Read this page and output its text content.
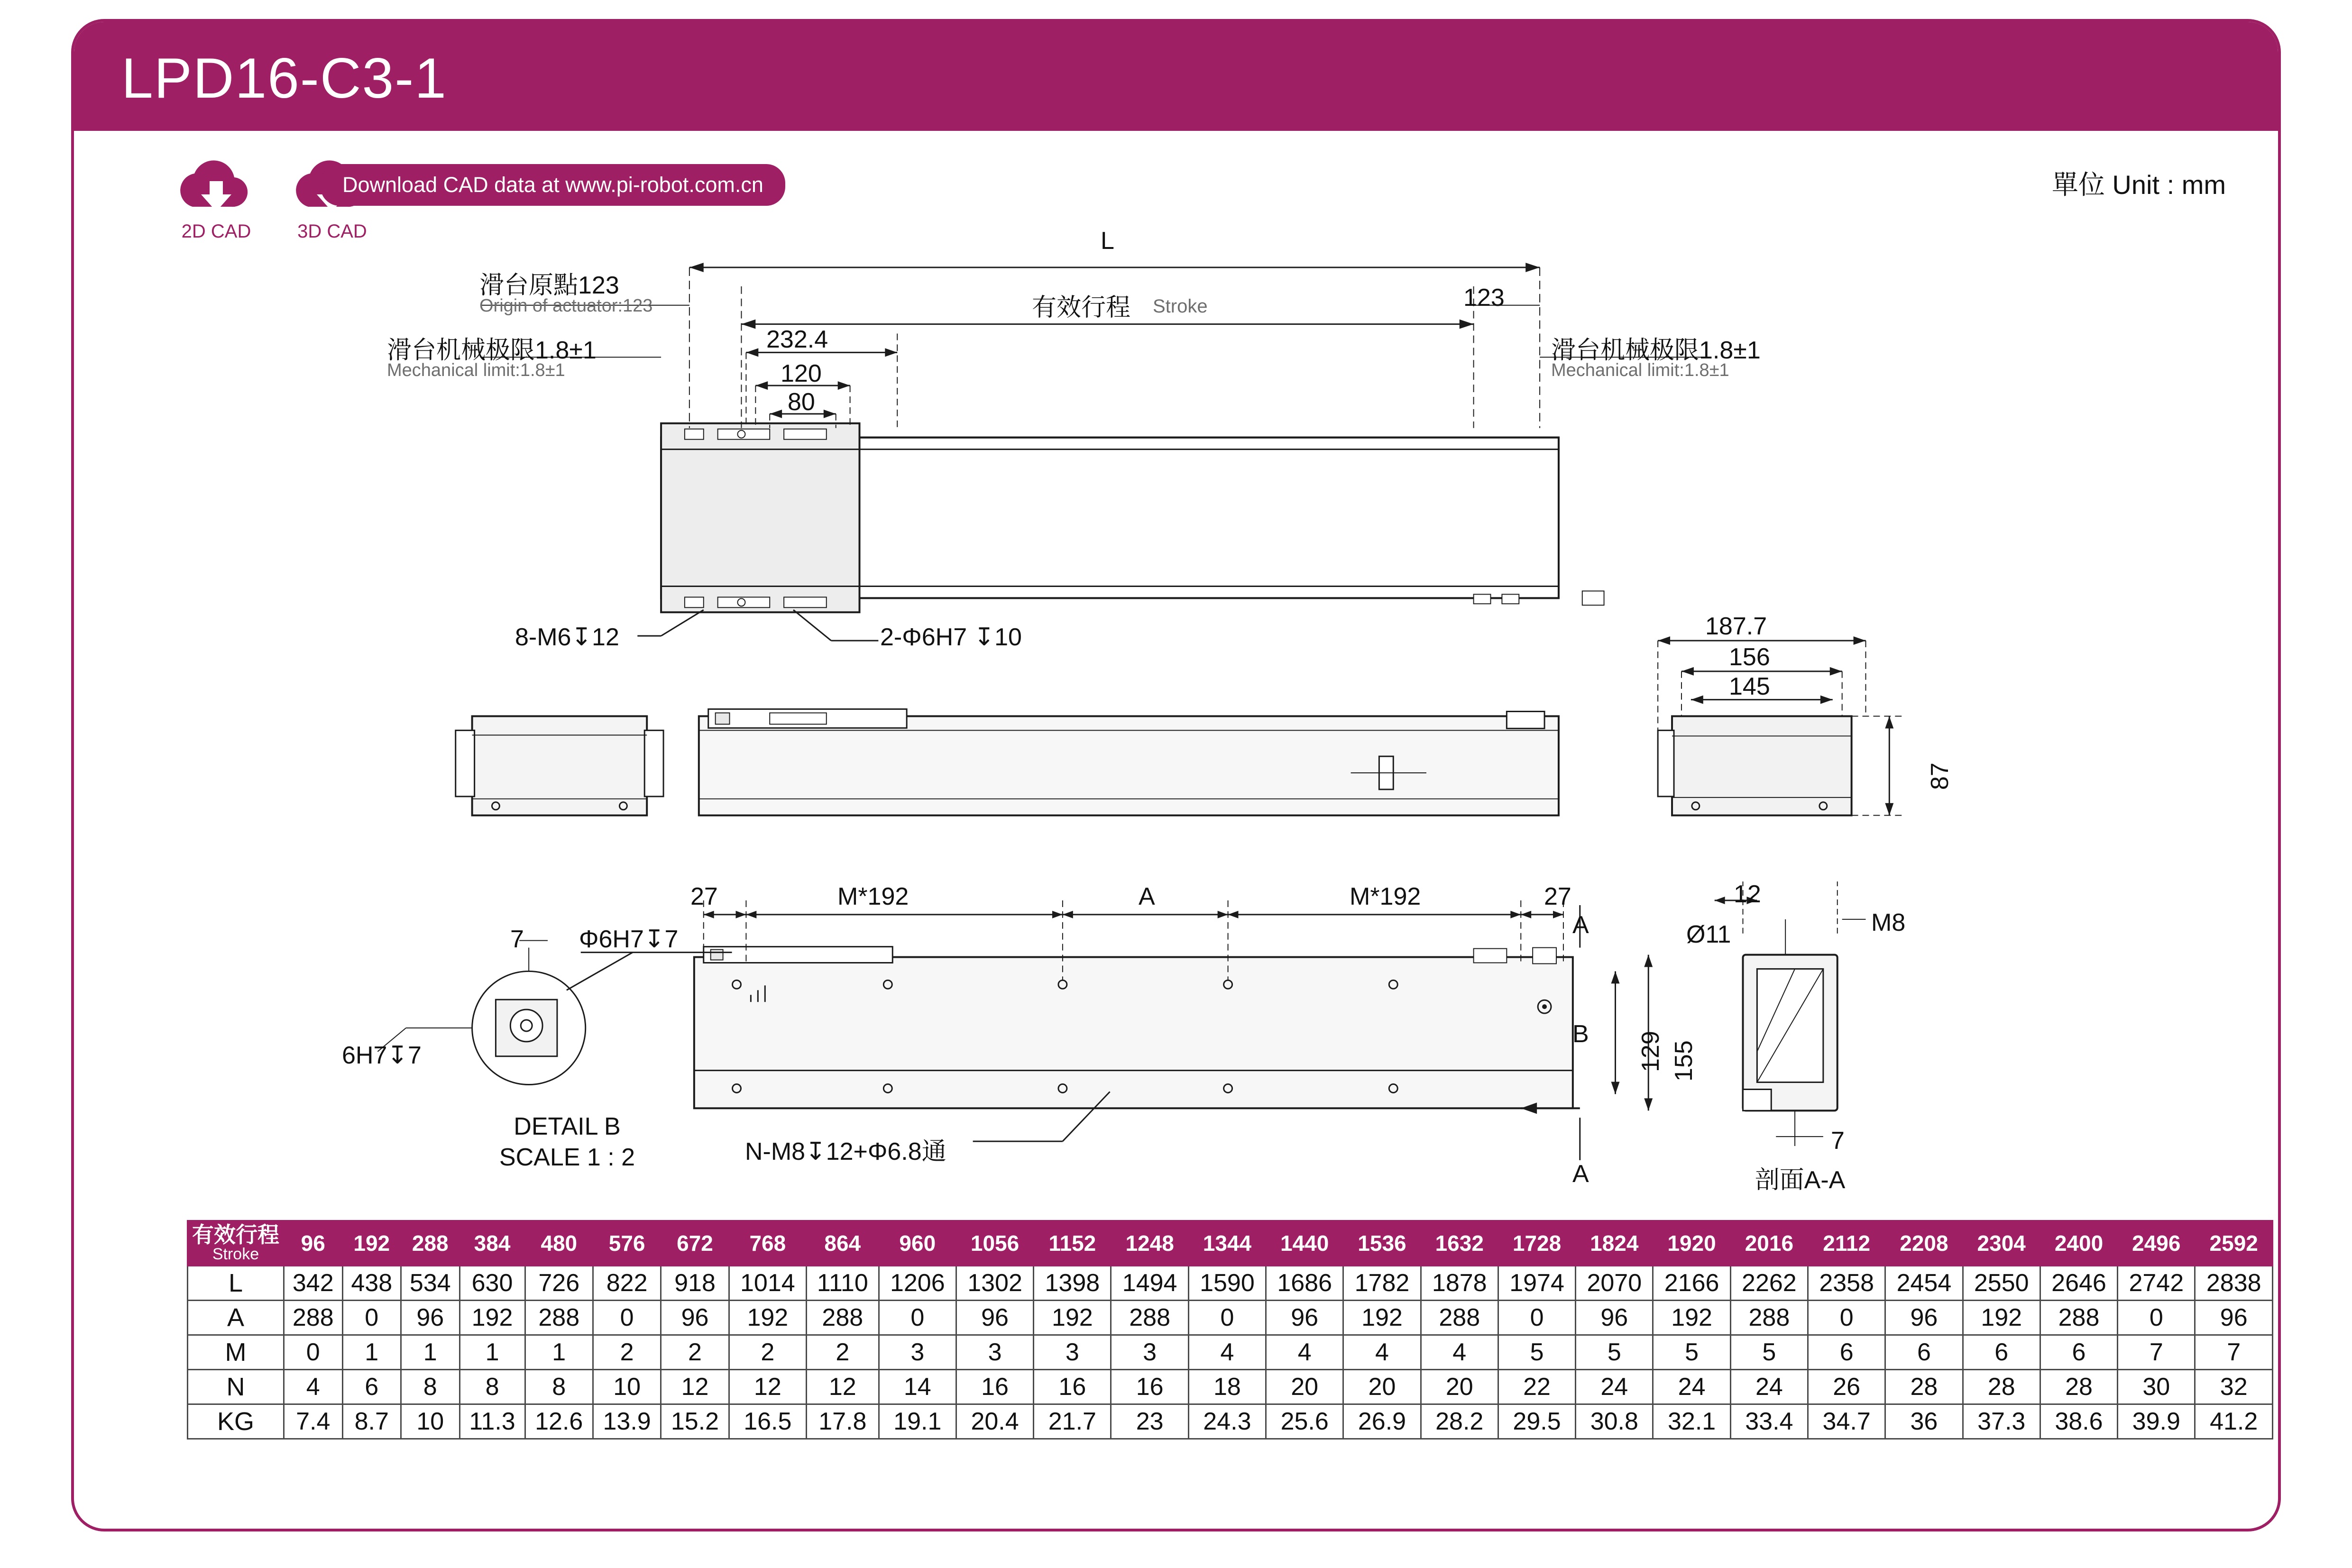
LPD16-C3-1
單位 Unit : mm
2D CAD
	3D CAD
Download CAD data at www.pi-robot.com.cn
L
有效行程 Stroke	123
滑台原點123
Origin of actuator:123
滑台机械极限1.8±1
Mechanical limit:1.8±1
滑台机械极限1.8±1
Mechanical limit:1.8±1
232.4
120
80
8-M6↧12	2-Φ6H7 ↧10	187.7
156
145
87
27	M*192	A	M*192	27
A
A
B 129 155
N-M8↧12+Φ6.8通
7 Φ6H7↧7
6H7↧7
DETAIL B
SCALE 1 : 2
12
Ø11	M8
7
剖面A-A
有效行程
Stroke	96	192	288	384	480	576	672	768	864	960	1056	1152	1248	1344	1440	1536	1632	1728	1824	1920	2016	2112	2208	2304	2400	2496	2592
L	342	438	534	630	726	822	918	1014	1110	1206	1302	1398	1494	1590	1686	1782	1878	1974	2070	2166	2262	2358	2454	2550	2646	2742	2838
A	288	0	96	192	288	0	96	192	288	0	96	192	288	0	96	192	288	0	96	192	288	0	96	192	288	0	96
M	0	1	1	1	1	2	2	2	2	3	3	3	3	4	4	4	4	5	5	5	5	6	6	6	6	7	7
N	4	6	8	8	8	10	12	12	12	14	16	16	16	18	20	20	20	22	24	24	24	26	28	28	28	30	32
KG	7.4	8.7	10	11.3	12.6	13.9	15.2	16.5	17.8	19.1	20.4	21.7	23	24.3	25.6	26.9	28.2	29.5	30.8	32.1	33.4	34.7	36	37.3	38.6	39.9	41.2
